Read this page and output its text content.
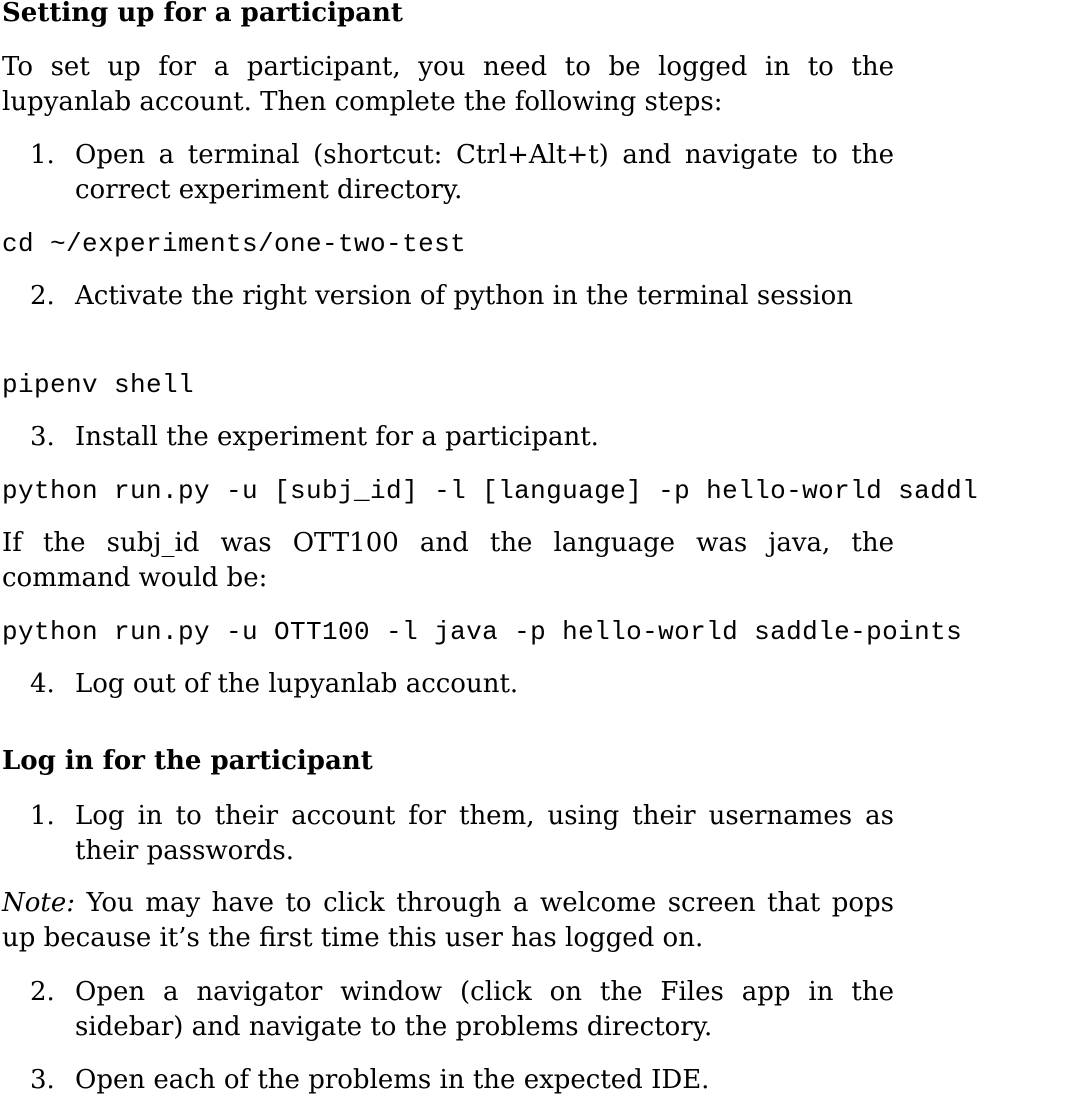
Setting up for a participant

To set up for a participant, you need to be logged in to the lupyanlab account. Then complete the following steps:

1. Open a terminal (shortcut: Ctrl+Alt+t) and navigate to the correct experiment directory.
cd ~/experiments/one-two-test
2. Activate the right version of python in the terminal session
pipenv shell
3. Install the experiment for a participant.
python run.py -u [subj_id] -l [language] -p hello-world saddl

If the subj_id was OTT100 and the language was java, the command would be:

python run.py -u OTT100 -l java -p hello-world saddle-points
4. Log out of the lupyanlab account.
Log in for the participant
1. Log in to their account for them, using their usernames as their passwords.

Note: You may have to click through a welcome screen that pops up because it’s the first time this user has logged on.

2. Open a navigator window (click on the Files app in the sidebar) and navigate to the problems directory.
3. Open each of the problems in the expected IDE.
